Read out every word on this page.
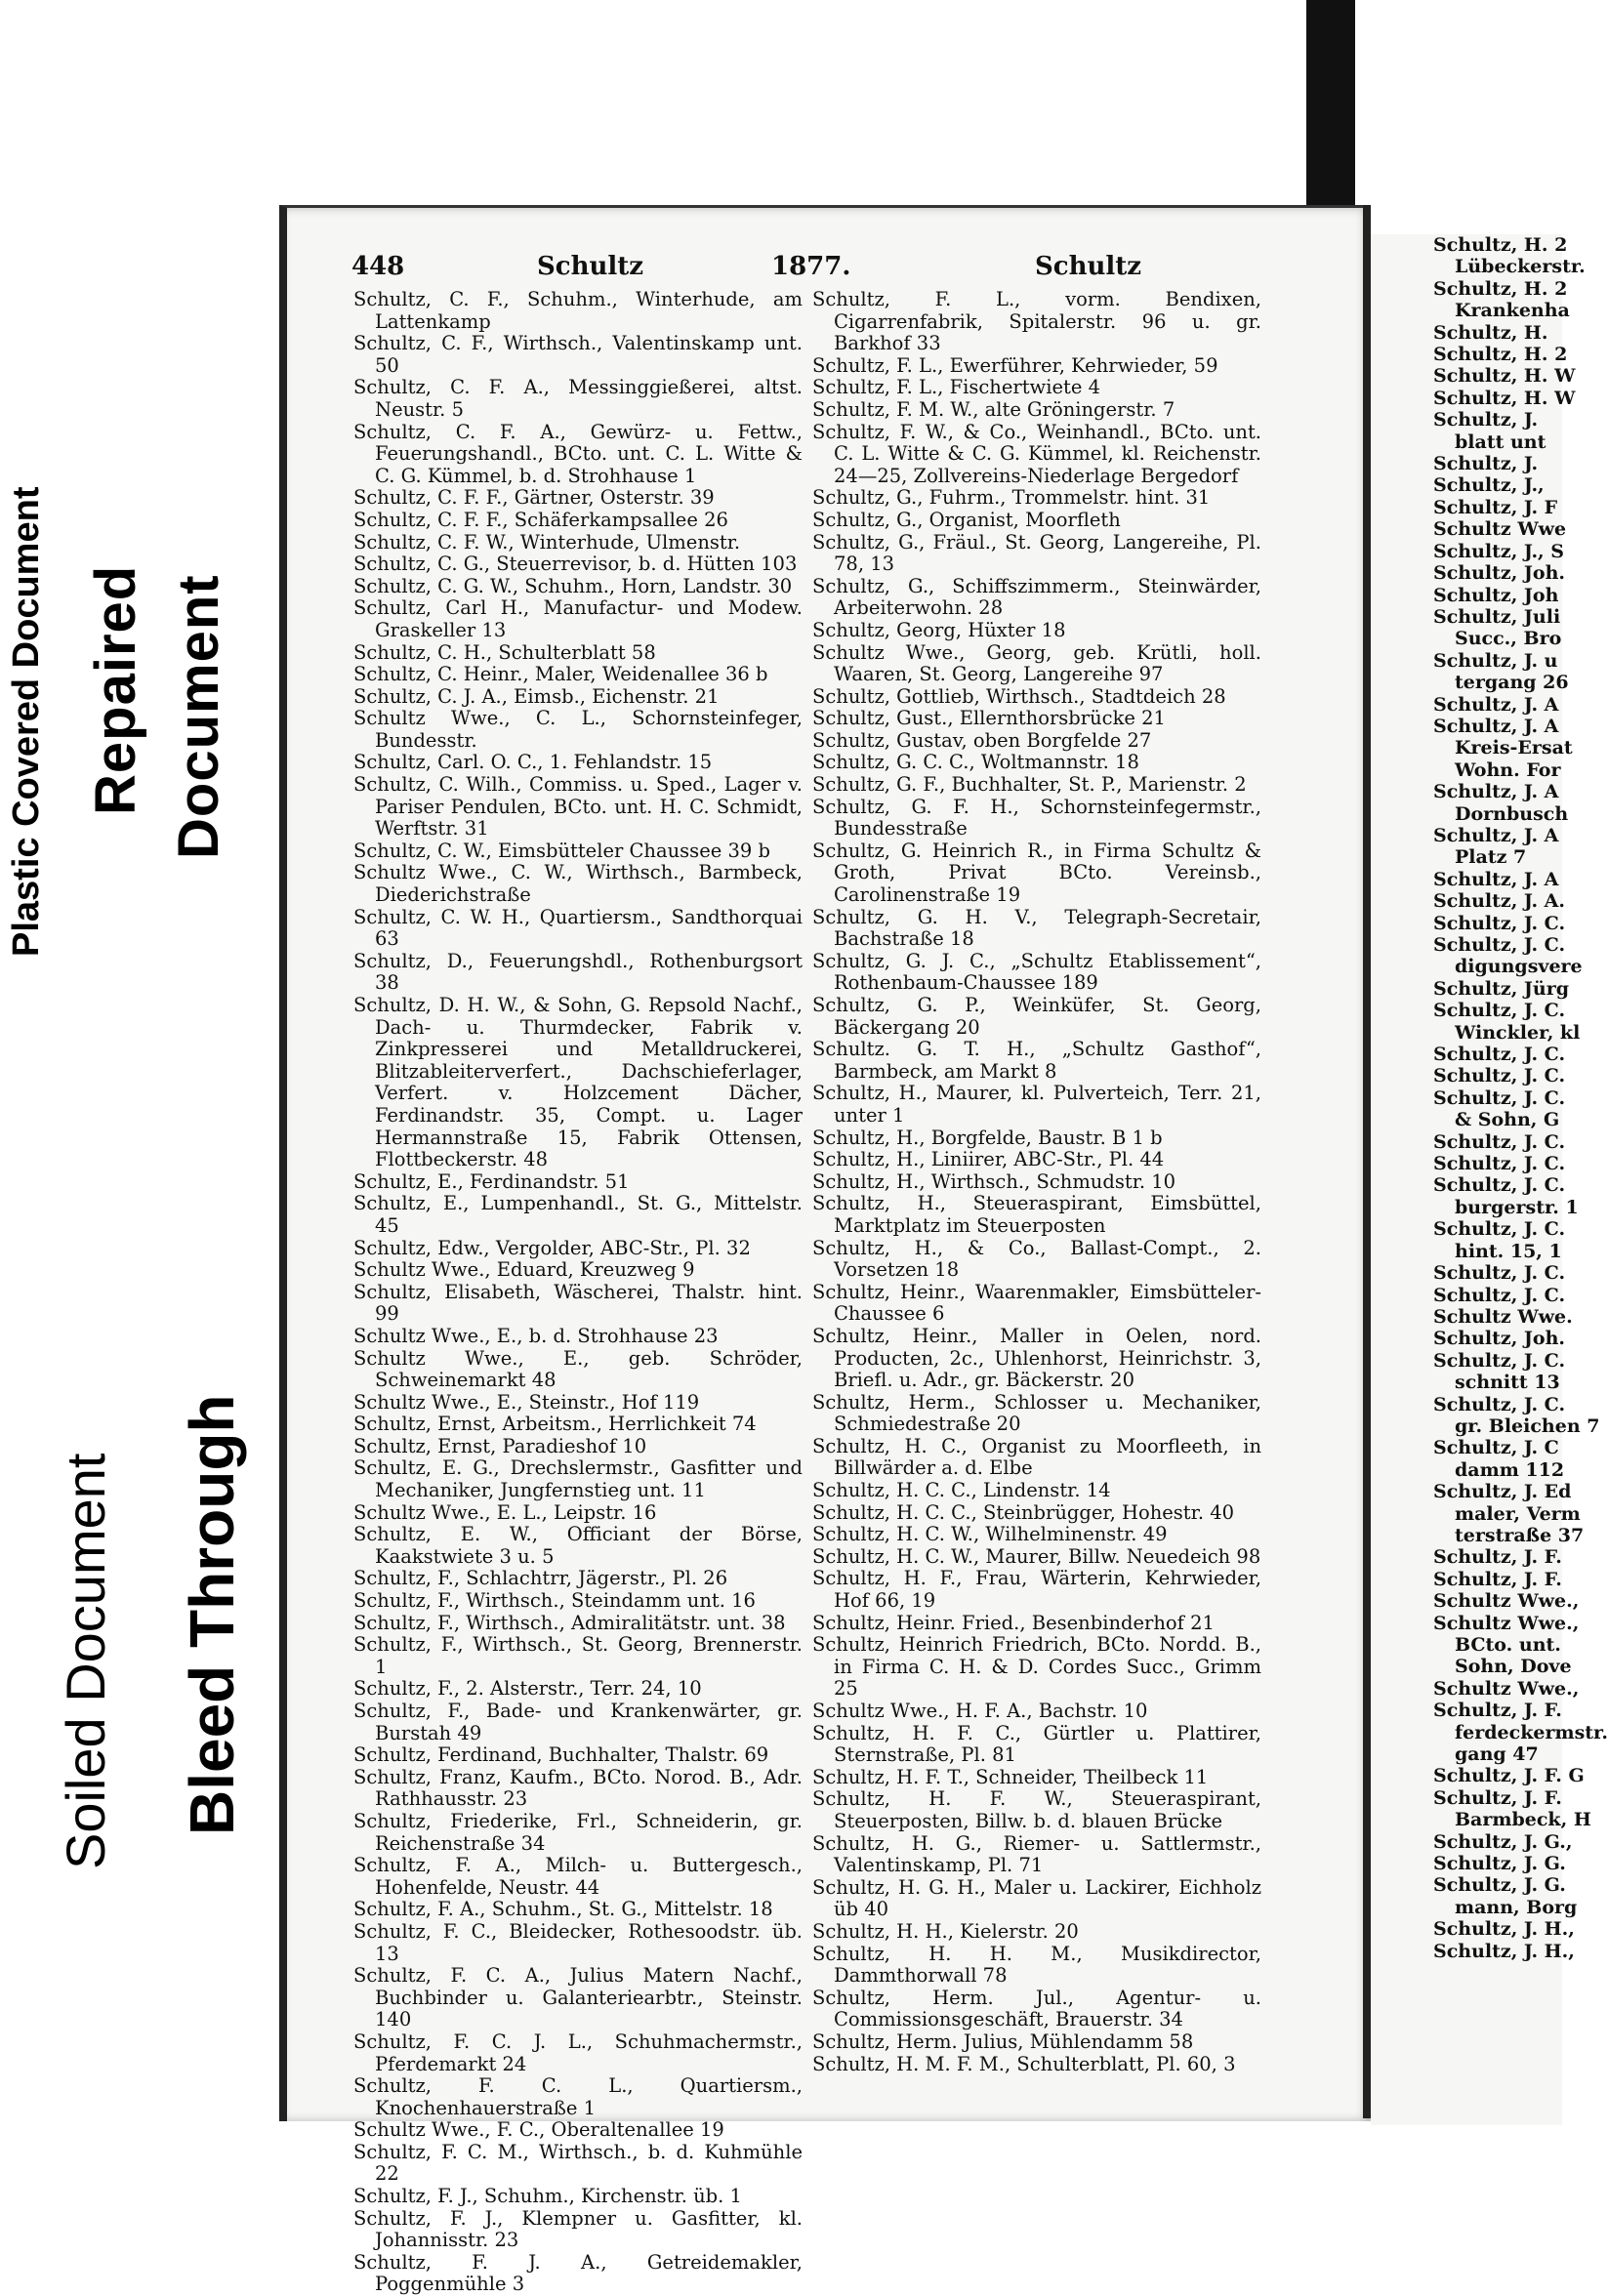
Plastic Covered Document Repaired Document
Soiled Document Bleed Through
448	Schultz	1877.	Schultz

Schultz, C. F., Schuhm., Winterhude, am Lattenkamp

Schultz, C. F., Wirthsch., Valentinskamp unt. 50

Schultz, C. F. A., Messinggießerei, altst. Neustr. 5

Schultz, C. F. A., Gewürz- u. Fettw., Feuerungshandl., BCto. unt. C. L. Witte & C. G. Kümmel, b. d. Strohhause 1

Schultz, C. F. F., Gärtner, Osterstr. 39

Schultz, C. F. F., Schäferkampsallee 26

Schultz, C. F. W., Winterhude, Ulmenstr.

Schultz, C. G., Steuerrevisor, b. d. Hütten 103

Schultz, C. G. W., Schuhm., Horn, Landstr. 30

Schultz, Carl H., Manufactur- und Modew. Graskeller 13

Schultz, C. H., Schulterblatt 58

Schultz, C. Heinr., Maler, Weidenallee 36 b

Schultz, C. J. A., Eimsb., Eichenstr. 21

Schultz Wwe., C. L., Schornsteinfeger, Bundesstr.

Schultz, Carl. O. C., 1. Fehlandstr. 15

Schultz, C. Wilh., Commiss. u. Sped., Lager v. Pariser Pendulen, BCto. unt. H. C. Schmidt, Werftstr. 31

Schultz, C. W., Eimsbütteler Chaussee 39 b

Schultz Wwe., C. W., Wirthsch., Barmbeck, Diederichstraße

Schultz, C. W. H., Quartiersm., Sandthorquai 63

Schultz, D., Feuerungshdl., Rothenburgsort 38

Schultz, D. H. W., & Sohn, G. Repsold Nachf., Dach- u. Thurmdecker, Fabrik v. Zinkpresserei und Metalldruckerei, Blitzableiterverfert., Dachschieferlager, Verfert. v. Holzcement Dächer, Ferdinandstr. 35, Compt. u. Lager Hermannstraße 15, Fabrik Ottensen, Flottbeckerstr. 48

Schultz, E., Ferdinandstr. 51

Schultz, E., Lumpenhandl., St. G., Mittelstr. 45

Schultz, Edw., Vergolder, ABC-Str., Pl. 32

Schultz Wwe., Eduard, Kreuzweg 9

Schultz, Elisabeth, Wäscherei, Thalstr. hint. 99

Schultz Wwe., E., b. d. Strohhause 23

Schultz Wwe., E., geb. Schröder, Schweinemarkt 48

Schultz Wwe., E., Steinstr., Hof 119

Schultz, Ernst, Arbeitsm., Herrlichkeit 74

Schultz, Ernst, Paradieshof 10

Schultz, E. G., Drechslermstr., Gasfitter und Mechaniker, Jungfernstieg unt. 11

Schultz Wwe., E. L., Leipstr. 16

Schultz, E. W., Officiant der Börse, Kaakstwiete 3 u. 5

Schultz, F., Schlachtrr, Jägerstr., Pl. 26

Schultz, F., Wirthsch., Steindamm unt. 16

Schultz, F., Wirthsch., Admiralitätstr. unt. 38

Schultz, F., Wirthsch., St. Georg, Brennerstr. 1

Schultz, F., 2. Alsterstr., Terr. 24, 10

Schultz, F., Bade- und Krankenwärter, gr. Burstah 49

Schultz, Ferdinand, Buchhalter, Thalstr. 69

Schultz, Franz, Kaufm., BCto. Norod. B., Adr. Rathhausstr. 23

Schultz, Friederike, Frl., Schneiderin, gr. Reichenstraße 34

Schultz, F. A., Milch- u. Buttergesch., Hohenfelde, Neustr. 44

Schultz, F. A., Schuhm., St. G., Mittelstr. 18

Schultz, F. C., Bleidecker, Rothesoodstr. üb. 13

Schultz, F. C. A., Julius Matern Nachf., Buchbinder u. Galanteriearbtr., Steinstr. 140

Schultz, F. C. J. L., Schuhmachermstr., Pferdemarkt 24

Schultz, F. C. L., Quartiersm., Knochenhauerstraße 1

Schultz Wwe., F. C., Oberaltenallee 19

Schultz, F. C. M., Wirthsch., b. d. Kuhmühle 22

Schultz, F. J., Schuhm., Kirchenstr. üb. 1

Schultz, F. J., Klempner u. Gasfitter, kl. Johannisstr. 23

Schultz, F. J. A., Getreidemakler, Poggenmühle 3

Schultz, F. L., vorm. Bendixen, Cigarrenfabrik, Spitalerstr. 96 u. gr. Barkhof 33

Schultz, F. L., Ewerführer, Kehrwieder, 59

Schultz, F. L., Fischertwiete 4

Schultz, F. M. W., alte Gröningerstr. 7

Schultz, F. W., & Co., Weinhandl., BCto. unt. C. L. Witte & C. G. Kümmel, kl. Reichenstr. 24—25, Zollvereins-Niederlage Bergedorf

Schultz, G., Fuhrm., Trommelstr. hint. 31

Schultz, G., Organist, Moorfleth

Schultz, G., Fräul., St. Georg, Langereihe, Pl. 78, 13

Schultz, G., Schiffszimmerm., Steinwärder, Arbeiterwohn. 28

Schultz, Georg, Hüxter 18

Schultz Wwe., Georg, geb. Krütli, holl. Waaren, St. Georg, Langereihe 97

Schultz, Gottlieb, Wirthsch., Stadtdeich 28

Schultz, Gust., Ellernthorsbrücke 21

Schultz, Gustav, oben Borgfelde 27

Schultz, G. C. C., Woltmannstr. 18

Schultz, G. F., Buchhalter, St. P., Marienstr. 2

Schultz, G. F. H., Schornsteinfegermstr., Bundesstraße

Schultz, G. Heinrich R., in Firma Schultz & Groth, Privat BCto. Vereinsb., Carolinenstraße 19

Schultz, G. H. V., Telegraph-Secretair, Bachstraße 18

Schultz, G. J. C., „Schultz Etablissement“, Rothenbaum-Chaussee 189

Schultz, G. P., Weinküfer, St. Georg, Bäckergang 20

Schultz. G. T. H., „Schultz Gasthof“, Barmbeck, am Markt 8

Schultz, H., Maurer, kl. Pulverteich, Terr. 21, unter 1

Schultz, H., Borgfelde, Baustr. B 1 b

Schultz, H., Liniirer, ABC-Str., Pl. 44

Schultz, H., Wirthsch., Schmudstr. 10

Schultz, H., Steueraspirant, Eimsbüttel, Marktplatz im Steuerposten

Schultz, H., & Co., Ballast-Compt., 2. Vorsetzen 18

Schultz, Heinr., Waarenmakler, Eimsbütteler-Chaussee 6

Schultz, Heinr., Maller in Oelen, nord. Producten, 2c., Uhlenhorst, Heinrichstr. 3, Briefl. u. Adr., gr. Bäckerstr. 20

Schultz, Herm., Schlosser u. Mechaniker, Schmiedestraße 20

Schultz, H. C., Organist zu Moorfleeth, in Billwärder a. d. Elbe

Schultz, H. C. C., Lindenstr. 14

Schultz, H. C. C., Steinbrügger, Hohestr. 40

Schultz, H. C. W., Wilhelminenstr. 49

Schultz, H. C. W., Maurer, Billw. Neuedeich 98

Schultz, H. F., Frau, Wärterin, Kehrwieder, Hof 66, 19

Schultz, Heinr. Fried., Besenbinderhof 21

Schultz, Heinrich Friedrich, BCto. Nordd. B., in Firma C. H. & D. Cordes Succ., Grimm 25

Schultz Wwe., H. F. A., Bachstr. 10

Schultz, H. F. C., Gürtler u. Plattirer, Sternstraße, Pl. 81

Schultz, H. F. T., Schneider, Theilbeck 11

Schultz, H. F. W., Steueraspirant, Steuerposten, Billw. b. d. blauen Brücke

Schultz, H. G., Riemer- u. Sattlermstr., Valentinskamp, Pl. 71

Schultz, H. G. H., Maler u. Lackirer, Eichholz üb 40

Schultz, H. H., Kielerstr. 20

Schultz, H. H. M., Musikdirector, Dammthorwall 78

Schultz, Herm. Jul., Agentur- u. Commissionsgeschäft, Brauerstr. 34

Schultz, Herm. Julius, Mühlendamm 58

Schultz, H. M. F. M., Schulterblatt, Pl. 60, 3

Schultz, H. 2
Lübeckerstr.
Schultz, H. 2
Krankenha
Schultz, H.
Schultz, H. 2
Schultz, H. W
Schultz, H. W
Schultz, J.
blatt unt
Schultz, J.
Schultz, J.,
Schultz, J. F
Schultz Wwe
Schultz, J., S
Schultz, Joh.
Schultz, Joh
Schultz, Juli
Succ., Bro
Schultz, J. u
tergang 26
Schultz, J. A
Schultz, J. A
Kreis-Ersat
Wohn. For
Schultz, J. A
Dornbusch
Schultz, J. A
Platz 7
Schultz, J. A
Schultz, J. A.
Schultz, J. C.
Schultz, J. C.
digungsvere
Schultz, Jürg
Schultz, J. C.
Winckler, kl
Schultz, J. C.
Schultz, J. C.
Schultz, J. C.
& Sohn, G
Schultz, J. C.
Schultz, J. C.
Schultz, J. C.
burgerstr. 1
Schultz, J. C.
hint. 15, 1
Schultz, J. C.
Schultz, J. C.
Schultz Wwe.
Schultz, Joh.
Schultz, J. C.
schnitt 13
Schultz, J. C.
gr. Bleichen 7
Schultz, J. C
damm 112
Schultz, J. Ed
maler, Verm
terstraße 37
Schultz, J. F.
Schultz, J. F.
Schultz Wwe.,
Schultz Wwe.,
BCto. unt.
Sohn, Dove
Schultz Wwe.,
Schultz, J. F.
ferdeckermstr.
gang 47
Schultz, J. F. G
Schultz, J. F.
Barmbeck, H
Schultz, J. G.,
Schultz, J. G.
Schultz, J. G.
mann, Borg
Schultz, J. H.,
Schultz, J. H.,
